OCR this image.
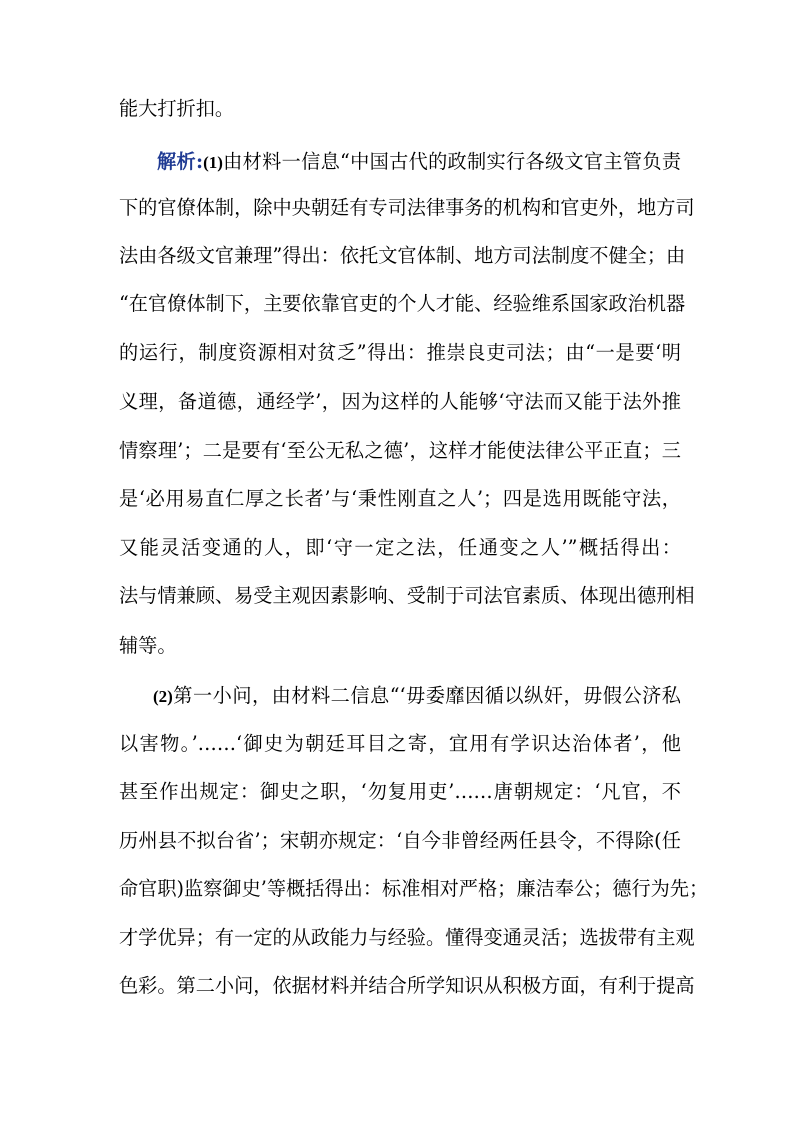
能大打折扣。
解析:(1)由材料一信息“中国古代的政制实行各级文官主管负责
下的官僚体制，除中央朝廷有专司法律事务的机构和官吏外，地方司
法由各级文官兼理”得出：依托文官体制、地方司法制度不健全；由
“在官僚体制下，主要依靠官吏的个人才能、经验维系国家政治机器
的运行，制度资源相对贫乏”得出：推崇良吏司法；由“一是要‘明
义理，备道德，通经学’，因为这样的人能够‘守法而又能于法外推
情察理’；二是要有‘至公无私之德’，这样才能使法律公平正直；三
是‘必用易直仁厚之长者’与‘秉性刚直之人’；四是选用既能守法，
又能灵活变通的人，即‘守一定之法，任通变之人’”概括得出：
法与情兼顾、易受主观因素影响、受制于司法官素质、体现出德刑相
辅等。
(2)第一小问，由材料二信息“‘毋委靡因循以纵奸，毋假公济私
以害物。’……‘御史为朝廷耳目之寄，宜用有学识达治体者’，他
甚至作出规定：御史之职，‘勿复用吏’……唐朝规定：‘凡官，不
历州县不拟台省’；宋朝亦规定：‘自今非曾经两任县令，不得除(任
命官职)监察御史’等概括得出：标准相对严格；廉洁奉公；德行为先；
才学优异；有一定的从政能力与经验。懂得变通灵活；选拔带有主观
色彩。第二小问，依据材料并结合所学知识从积极方面，有利于提高
